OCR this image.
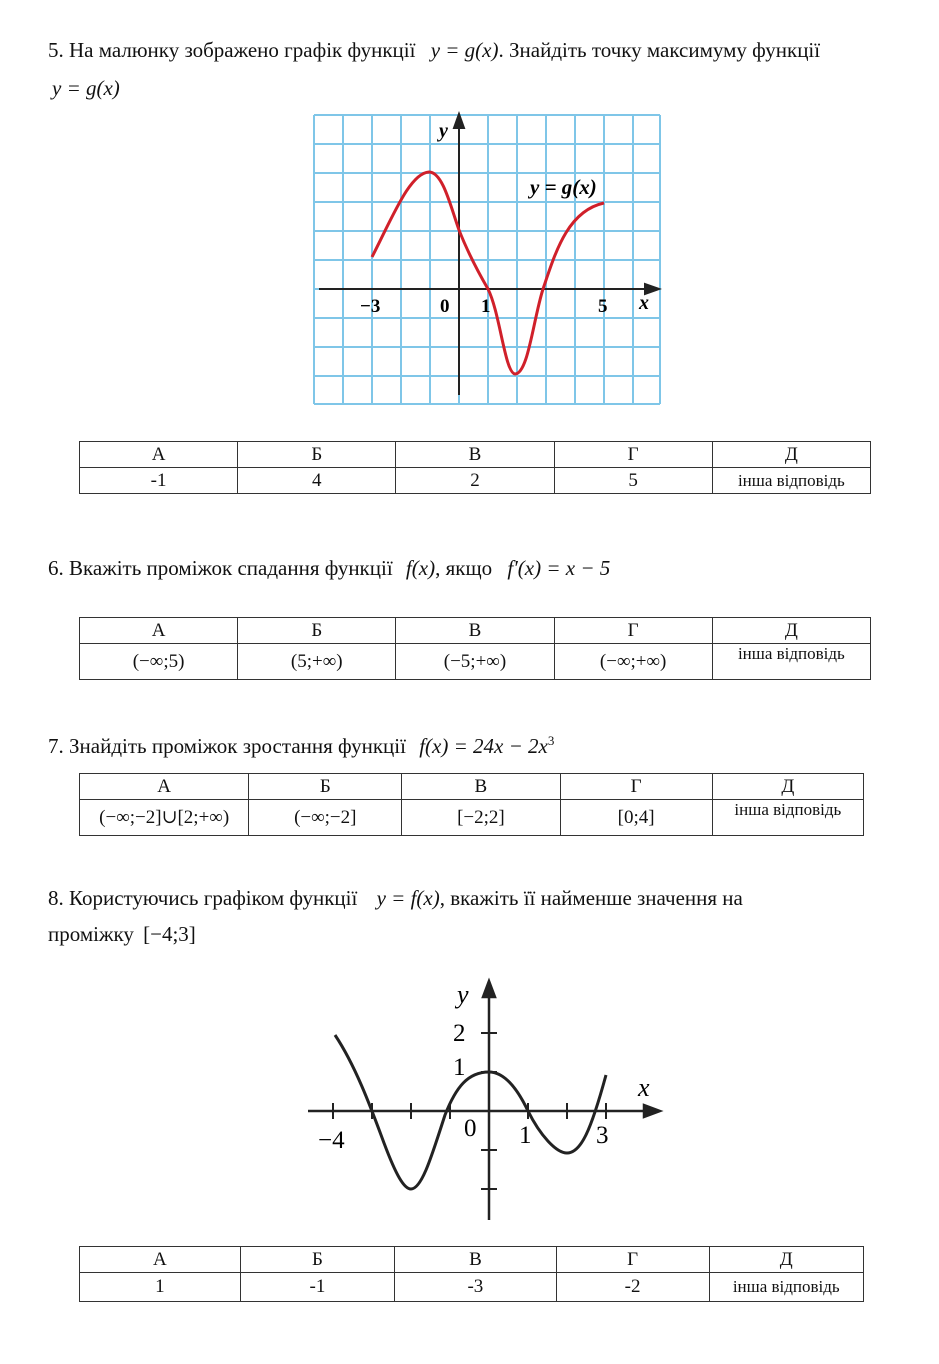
5. На малюнку зображено графік функції y = g(x). Знайдіть точку максимуму функції
y = g(x)
y
x
y = g(x)
−3	0 1	5
А	Б	В	Г	Д
-1	4	2	5	інша відповідь
6. Вкажіть проміжок спадання функції f(x), якщо f′(x) = x − 5
А	Б	В	Г	Д
(−∞;5)	(5;+∞)	(−5;+∞)	(−∞;+∞)	інша відповідь
7. Знайдіть проміжок зростання функції $f(x) = 24x - 2x^3$
А	Б	В	Г	Д
(−∞;−2]∪[2;+∞)	(−∞;−2]	[−2;2]	[0;4]	інша відповідь
8. Користуючись графіком функції y = f(x), вкажіть її найменше значення на
проміжку [−4;3]
y
x
2
1
−4	0 1	3
А	Б	В	Г	Д
1	-1	-3	-2	інша відповідь
